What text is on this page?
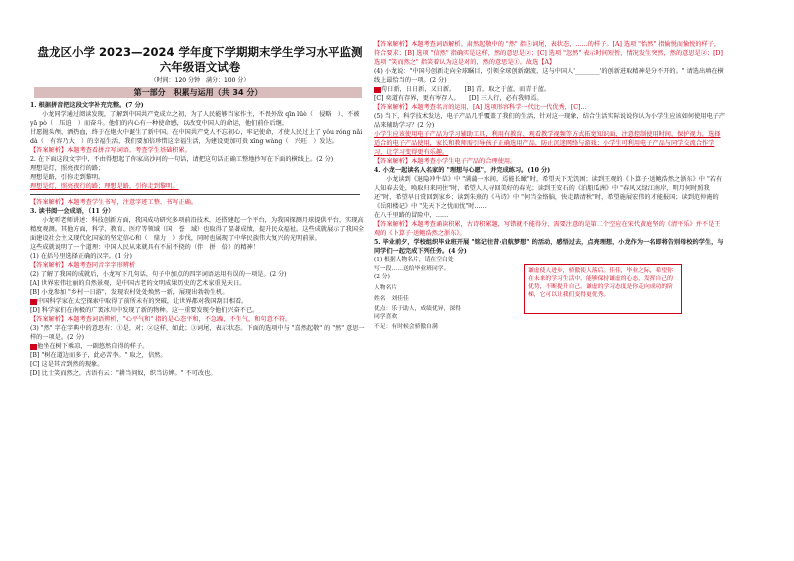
盘龙区小学 2023—2024 学年度下学期期末学生学习水平监测
六年级语文试卷
（时间：120 分钟　满分：100 分）
第一部分　积累与运用（共 34 分）

1. 根据拼音把这段文字补充完整。(7 分)

小龙同学通过阅读发现，了解到中国共产党成立之初，为了人民能够当家作主，不畏外敌 qīn lüè（　侵略　）、不被 yā pò（　压迫　）而奋斗。他们的内心有一种使命感，以改变中国人的命运，他们前仆后继，

甘愿抛头颅、洒热血，终于在炮火中诞生了新中国。在中国共产党人不忘初心，牢记使命，才使人民过上了 yǒu róng nǎi dà（　有容乃大　）的幸福生活，我们要加倍珍惜这幸福生活，为建设更加可贵 xīng wàng（　兴旺　）发达。

【答案解析】本题考查看拼音写词语。考查学生基础积累。

2. 在下面这段文字中，不由得想起了你家高沙河的一句话，请把这句话正确工整地抄写在下面的横线上。(2 分)

理想是灯，照亮夜行的路；

理想是路，引你走到黎明。

理想是灯，照亮夜行的路；理想是路，引你走到黎明。

【答案解析】本题考查学生书写，注意字迹工整、书写正确。

3. 读书阅一会成语，（11 分）

小龙听老师讲述：科技创新方面，我国成功研究多项前沿技术，还搭建起一个平台，为我国探测月球提供平台，实现高精度观测。其他方面，科学、教育、医疗等领域（国　誉　域）也取得了显著成绩，提升民众福祉。这些成就展示了我国全面建设社会主义现代化国家的坚定信心和（　鼎力　）步伐，同时也展现了中华民族伟大复兴的光明前景。

这些成就说明了一个道理：中国人民从来就具有不屈不挠的（伴　拼　倍）的精神！

(1) 在括号里选择正确的汉字。(1 分)

【答案解析】本题考查同音字字形辨析

(2) 了解了我国的成就后，小龙写下几句话，句子中加点的四字词语运用有误的一项是。(2 分)

[A] 世界宏伟壮丽的自然景观，是中国古老的文明成果历史的艺术家重见天日。

[B] 小龙参加 "乡村一日游"，发现农村处处焕然一新，展现出勃勃生机。

中国科学家在太空探索中取得了前所未有的突破，让世界都对我国刮目相看。

[D] 科学家们在南极的广袤冰川中发现了新的物种。这一重要发现令他们兴奋不已。

【答案解析】本题考查词语辨析，"心平气和" 指的是心态平和，不急躁，不生气，和句意不符。

(3) "然" 字在字典中的意思有：①是，对；②这样，如此；③词尾，表示状态。下面的选项中与 "喜然起敬" 的 "然" 意思一样的一项是。(2 分)

他坐在树下乘凉，一副悠然自得的样子。

[B] "树在道边而多子，此必苦李。" 取之，信然。

[C] 这是其音到然的现象。

[D] 比士笑而然之，古语有云："耕当问奴，织当访婢。" 不可改也。

【答案解析】本题考查词语解析。肃然起敬中的 "然" 指⑤词尾，表状态，……的样子。[A] 选项 "怡然" 指愉悦而愉悦的样子，符合要求；[B] 选项 "信然" 指确实是这样，然的意思是②；[C] 选项 "忽然" 表示时间短暂，情况发生突然，然的意思是②；[D] 选项 "笑而然之" 指笑着认为这是对的，然的意思是①。故选【A】

(4) 小龙说："中国号创新走向全球瞩目，引领全球创新潮流，这与中国人'________'的创新进取精神是分不开的。" 请选出填在横线上最恰当的一项。(2 分)

苟日新，日日新，又日新。　　 [B] 青，取之于蓝，而青于蓝。

[C] 奕道有存界，更有岑存人。　　 [D] 三人行，必有我师焉。

【答案解析】本题考查名言的运用，[A] 选项形容科学一代比一代优秀，[C]…

(5) 当下，科学技术发达，电子产品几乎覆盖了我们的生活，针对这一现象，结合生活实际说说你认为小学生应该如何使用电子产品来辅助学习？(2 分)

小学生应该使用电子产品为学习辅助工具，利用有教育、观看教学视频等方式拓宽知识面，注意控制使用时间，保护视力，选择适合的电子产品使用，家长和教师需引导孩子正确选用产品，防止沉迷网络与游戏；小学生可利用电子产品与同学交流合作学习，让学习变得更有乐趣。

【答案解析】本题考查小学生电子产品的合理使用。

4. 小龙一起读名人名家的 "理想与心愿"，并完成练习。(10 分)

小龙读到《退隐冲牛草》中 "满蒲一水间，焉能长瞰"时，希望天下无饥困；读到王观的《卜算子·送鲍浩然之浙东》中 "若有人知春去处，唤取归来同住"时，希望人人寻回美好的春光；读到王安石的《泊船瓜洲》中 "春风又绿江南岸，明月何时照我还"时，希望早日赏回到家乡；读到朱熹的《马诗》中 "何当金络脑，快走踏清秋"时，希望施展宏伟的才能报国；读到范仲淹的《岳阳楼记》中 "先天下之忧而忧"时……

在八千里路的冒险中，……

【答案解析】本题考查诵读积累，古诗积累题，写错就不能得分，需要注意的是第二个空应在宋代黄庭坚的《清平乐》并不是王观的《卜算子·送鲍浩然之浙东》。

5. 毕业前夕，学校组织毕业班开展 "铭记往昔·启航梦想" 的活动，感悟过去，点亮理想，小龙作为一名即将告别母校的学生，与同学们一起完成下列任务。(4 分)

(1) 根据人物名片，请在空白处写一段……送给毕业班同学。(2 分)
人物名片
姓名　刘佳佳
优点：乐于助人，成绩优异，深得同学喜欢
不足：有时候会骄傲自满
谦虚使人进步，骄傲使人落后。佳佳，毕业之际，希望你在未来的学习生活中，能够保持谦虚的心态，发挥自己的优势，不断提升自己。谦虚的学习态度是你走向成功的阶梯，它可以让我们变得更优秀。
